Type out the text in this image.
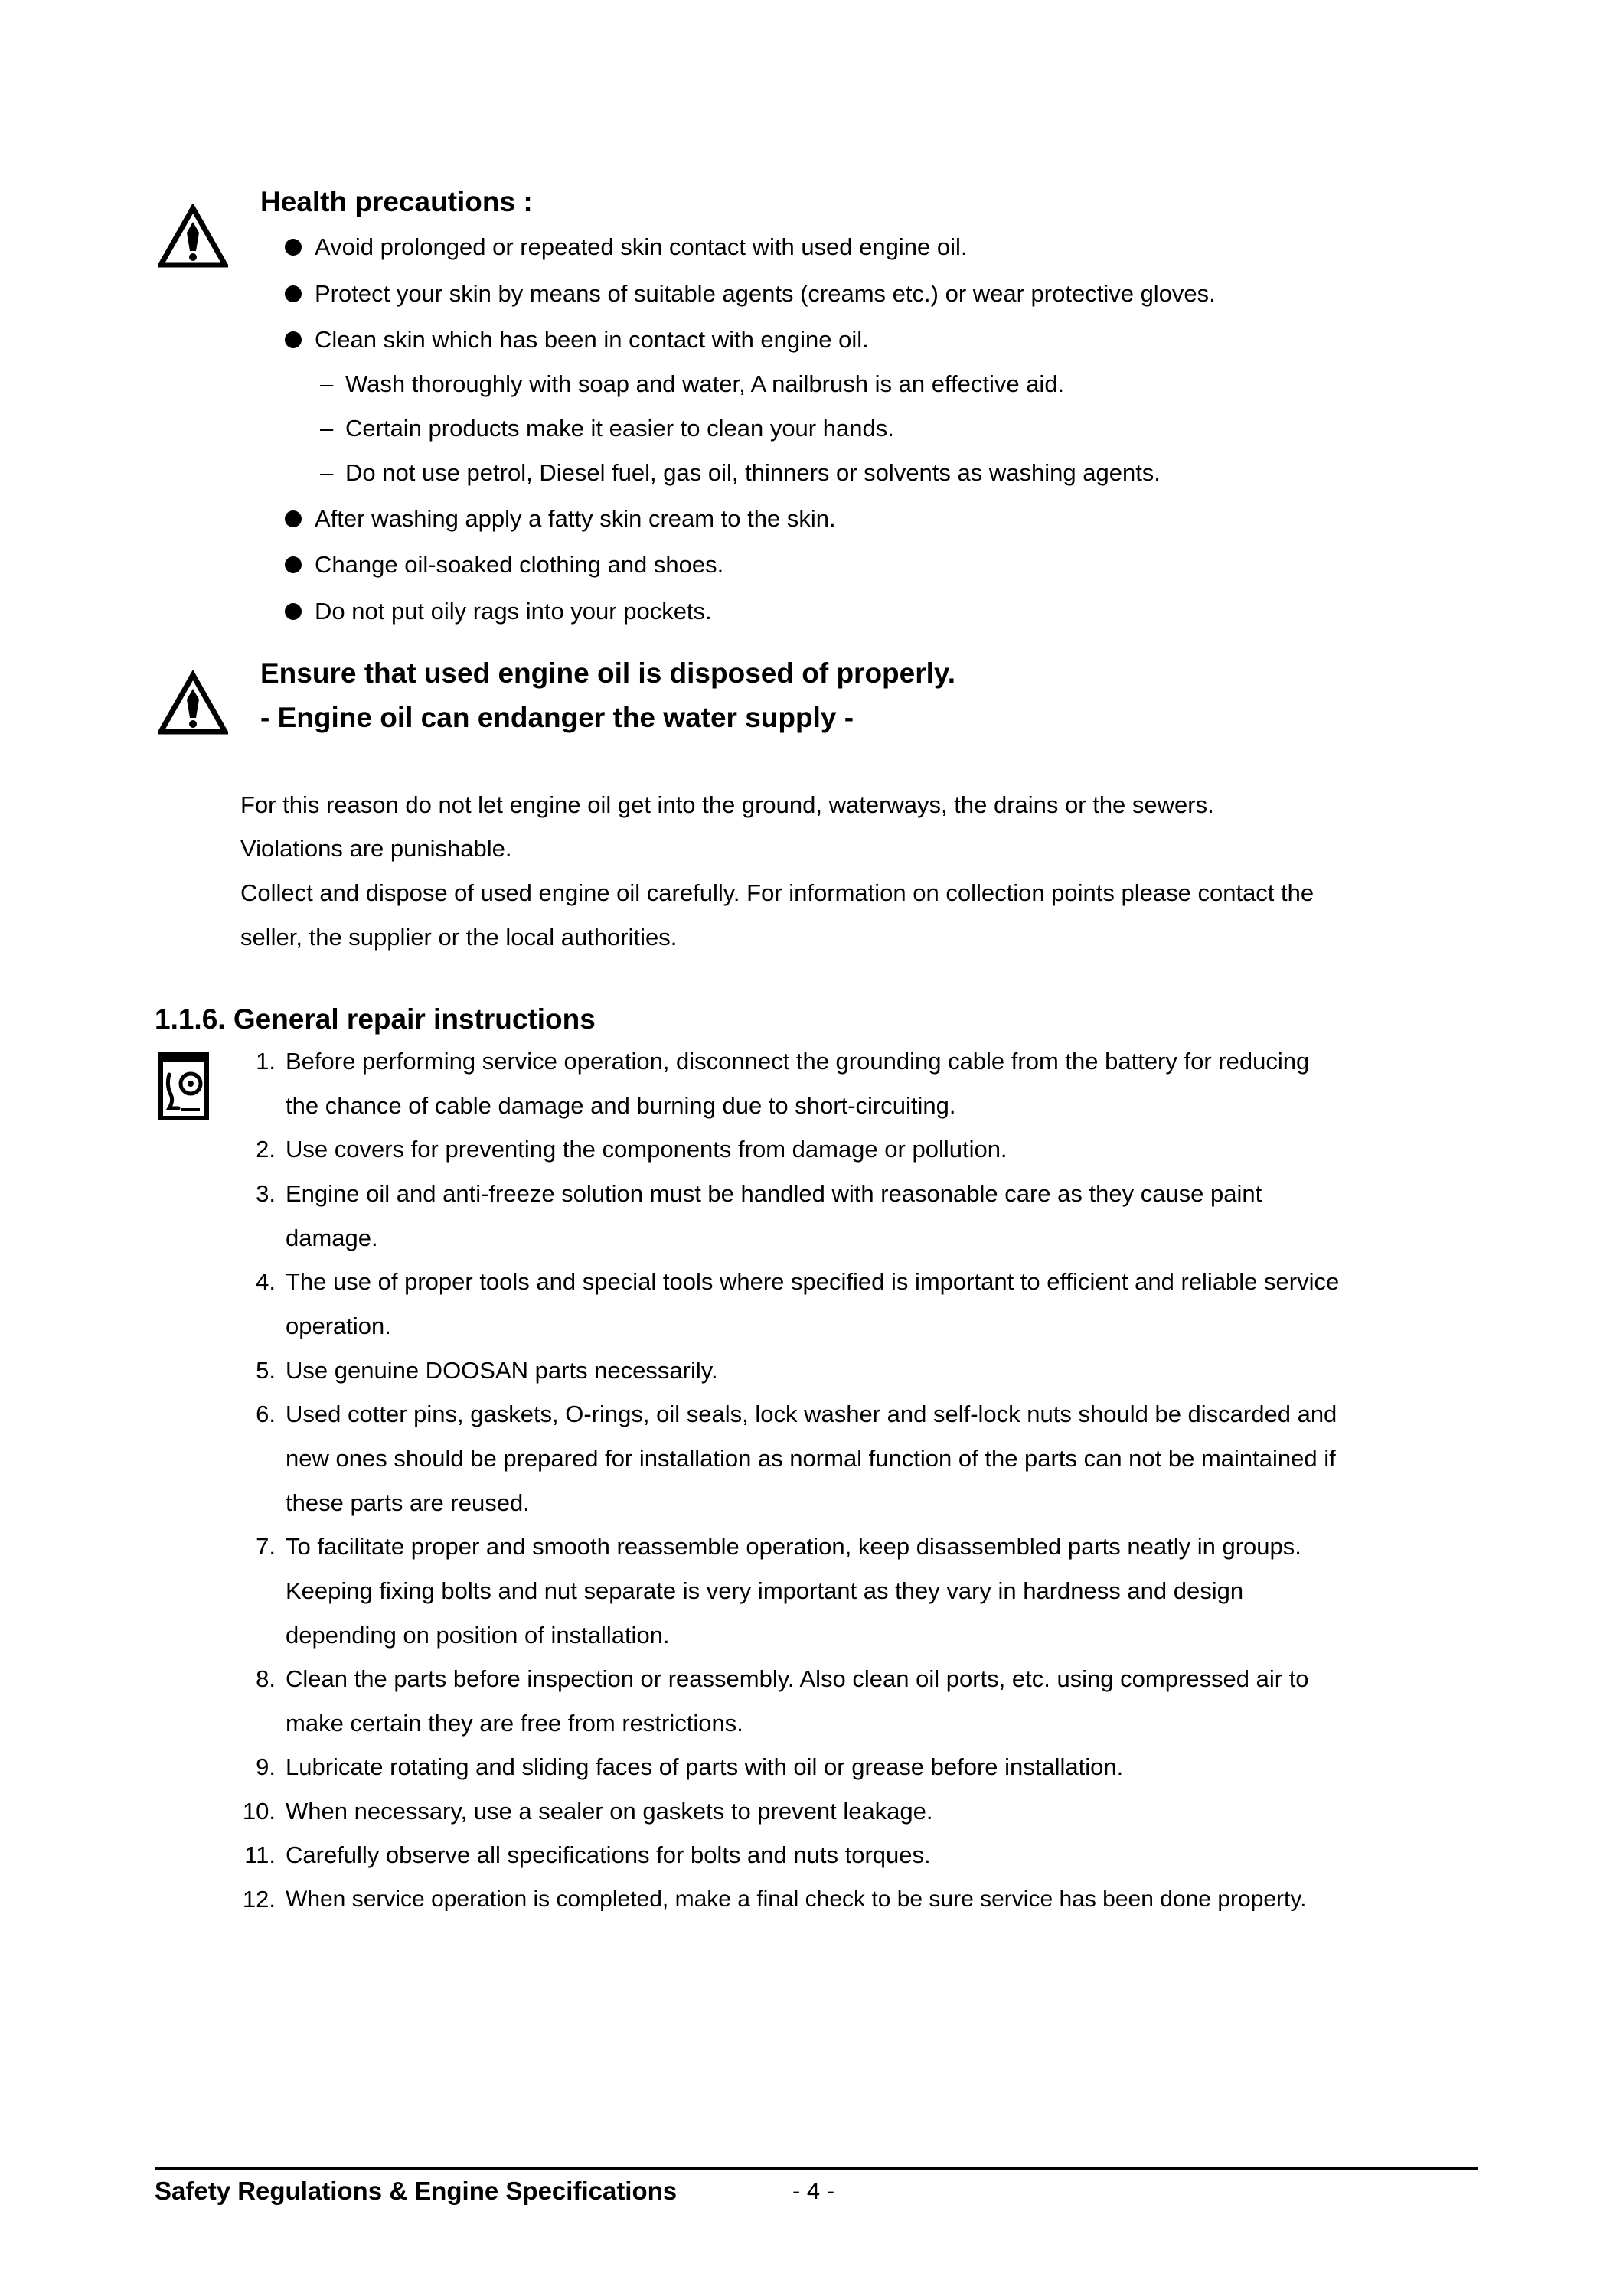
Health precautions :
Avoid prolonged or repeated skin contact with used engine oil.
Protect your skin by means of suitable agents (creams etc.) or wear protective gloves.
Clean skin which has been in contact with engine oil.
– Wash thoroughly with soap and water, A nailbrush is an effective aid.
– Certain products make it easier to clean your hands.
– Do not use petrol, Diesel fuel, gas oil, thinners or solvents as washing agents.
After washing apply a fatty skin cream to the skin.
Change oil-soaked clothing and shoes.
Do not put oily rags into your pockets.
Ensure that used engine oil is disposed of properly.
- Engine oil can endanger the water supply -
For this reason do not let engine oil get into the ground, waterways, the drains or the sewers.
Violations are punishable.
Collect and dispose of used engine oil carefully. For information on collection points please contact the
seller, the supplier or the local authorities.
1.1.6. General repair instructions
1. Before performing service operation, disconnect the grounding cable from the battery for reducing
the chance of cable damage and burning due to short-circuiting.
2. Use covers for preventing the components from damage or pollution.
3. Engine oil and anti-freeze solution must be handled with reasonable care as they cause paint
damage.
4. The use of proper tools and special tools where specified is important to efficient and reliable service
operation.
5. Use genuine DOOSAN parts necessarily.
6. Used cotter pins, gaskets, O-rings, oil seals, lock washer and self-lock nuts should be discarded and
new ones should be prepared for installation as normal function of the parts can not be maintained if
these parts are reused.
7. To facilitate proper and smooth reassemble operation, keep disassembled parts neatly in groups.
Keeping fixing bolts and nut separate is very important as they vary in hardness and design
depending on position of installation.
8. Clean the parts before inspection or reassembly. Also clean oil ports, etc. using compressed air to
make certain they are free from restrictions.
9. Lubricate rotating and sliding faces of parts with oil or grease before installation.
10. When necessary, use a sealer on gaskets to prevent leakage.
11. Carefully observe all specifications for bolts and nuts torques.
12. When service operation is completed, make a final check to be sure service has been done property.
Safety Regulations & Engine Specifications	- 4 -
